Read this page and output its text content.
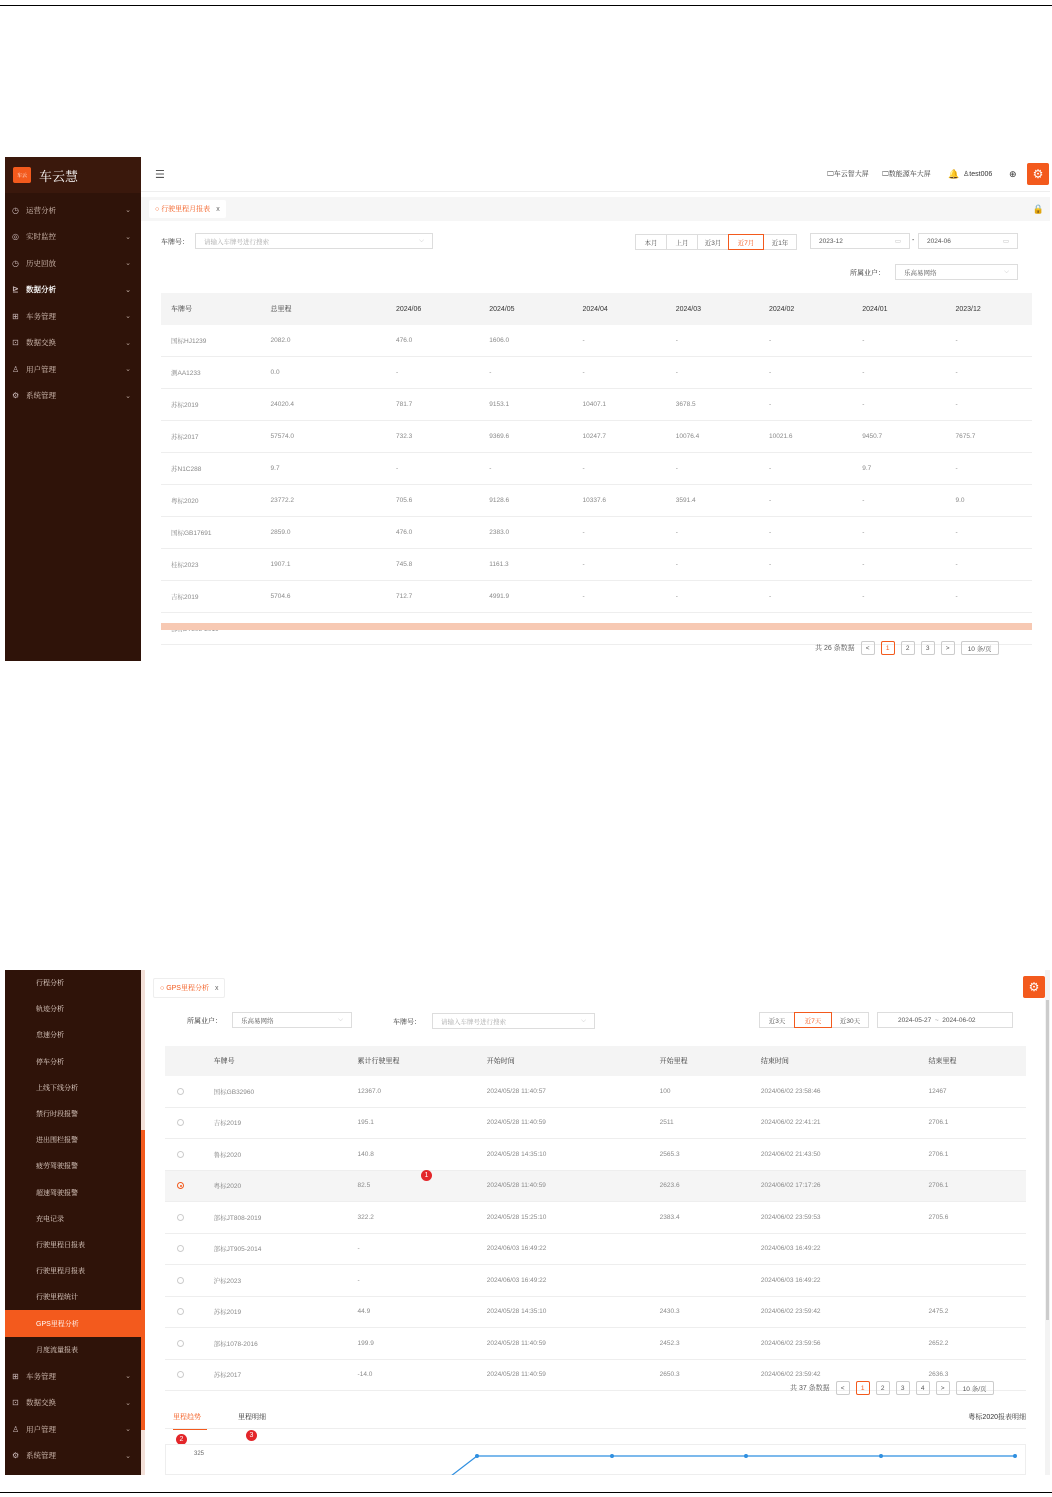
车云 车云慧
◷ 运营分析	⌄
◎ 实时监控	⌄
◷ 历史回放	⌄
⊵ 数据分析	⌄
⊞ 车务管理	⌄
⊡ 数据交换	⌄
♙ 用户管理	⌄
⚙ 系统管理	⌄
☰	🖵车云智大屏 🖵数能源车大屏 🔔 ♙test006 ⊕	⚙
○ 行驶里程月报表 x	🔒
车牌号： 请输入车牌号进行搜索	⌵	本月	上月	近3月	近7月	近1年	2023-12	▭ - 2024-06	▭
所属业户：	乐高易网络	⌵
车牌号	总里程	2024/06	2024/05	2024/04	2024/03	2024/02	2024/01	2023/12
国标HJ1239	2082.0	476.0	1606.0	-	-	-	-	-
测AA1233	0.0	-	-	-	-	-	-	-
苏标2019	24020.4	781.7	9153.1	10407.1	3678.5	-	-	-
苏标2017	57574.0	732.3	9369.6	10247.7	10076.4	10021.6	9450.7	7675.7
苏N1C288	9.7	-	-	-	-	-	9.7	-
粤标2020	23772.2	705.6	9128.6	10337.6	3591.4	-	-	9.0
国标GB17691	2859.0	476.0	2383.0	-	-	-	-	-
桂标2023	1907.1	745.8	1161.3	-	-	-	-	-
吉标2019	5704.6	712.7	4991.9	-	-	-	-	-

共 26 条数据	<	1	2	3	>	10 条/页
行程分析
轨迹分析
怠速分析
停车分析
上线下线分析
禁行时段报警
进出围栏报警
疲劳驾驶报警
超速驾驶报警
充电记录
行驶里程日报表
行驶里程月报表
行驶里程统计
GPS里程分析
月度流量报表
⊞ 车务管理	⌄
⊡ 数据交换	⌄
♙ 用户管理	⌄
⚙ 系统管理	⌄
○ GPS里程分析 x	⚙
所属业户：	乐高易网络	⌵	车牌号：	请输入车牌号进行搜索	⌵	近3天	近7天	近30天	2024-05-27
~
2024-06-02
	车牌号	累计行驶里程	开始时间	开始里程	结束时间	结束里程
	国标GB32960	12367.0	2024/05/28 11:40:57	100	2024/06/02 23:58:46	12467
	吉标2019	195.1	2024/05/28 11:40:59	2511	2024/06/02 22:41:21	2706.1
	鲁标2020	140.8	2024/05/28 14:35:10	2565.3	2024/06/02 21:43:50	2706.1
	粤标2020	82.5	2024/05/28 11:40:59	2623.6	2024/06/02 17:17:26	2706.1
	部标JT808-2019	322.2	2024/05/28 15:25:10	2383.4	2024/06/02 23:59:53	2705.6
	部标JT905-2014	-	2024/06/03 16:49:22		2024/06/03 16:49:22	
	沪标2023	-	2024/06/03 16:49:22		2024/06/03 16:49:22	
	苏标2019	44.9	2024/05/28 14:35:10	2430.3	2024/06/02 23:59:42	2475.2
	部标1078-2016	199.9	2024/05/28 11:40:59	2452.3	2024/06/02 23:59:56	2652.2
	苏标2017	-14.0	2024/05/28 11:40:59	2650.3	2024/06/02 23:59:42	2636.3
1
共 37 条数据	<	1	2	3	4	>	10 条/页
里程趋势	里程明细	粤标2020报表明细
2
3
325
